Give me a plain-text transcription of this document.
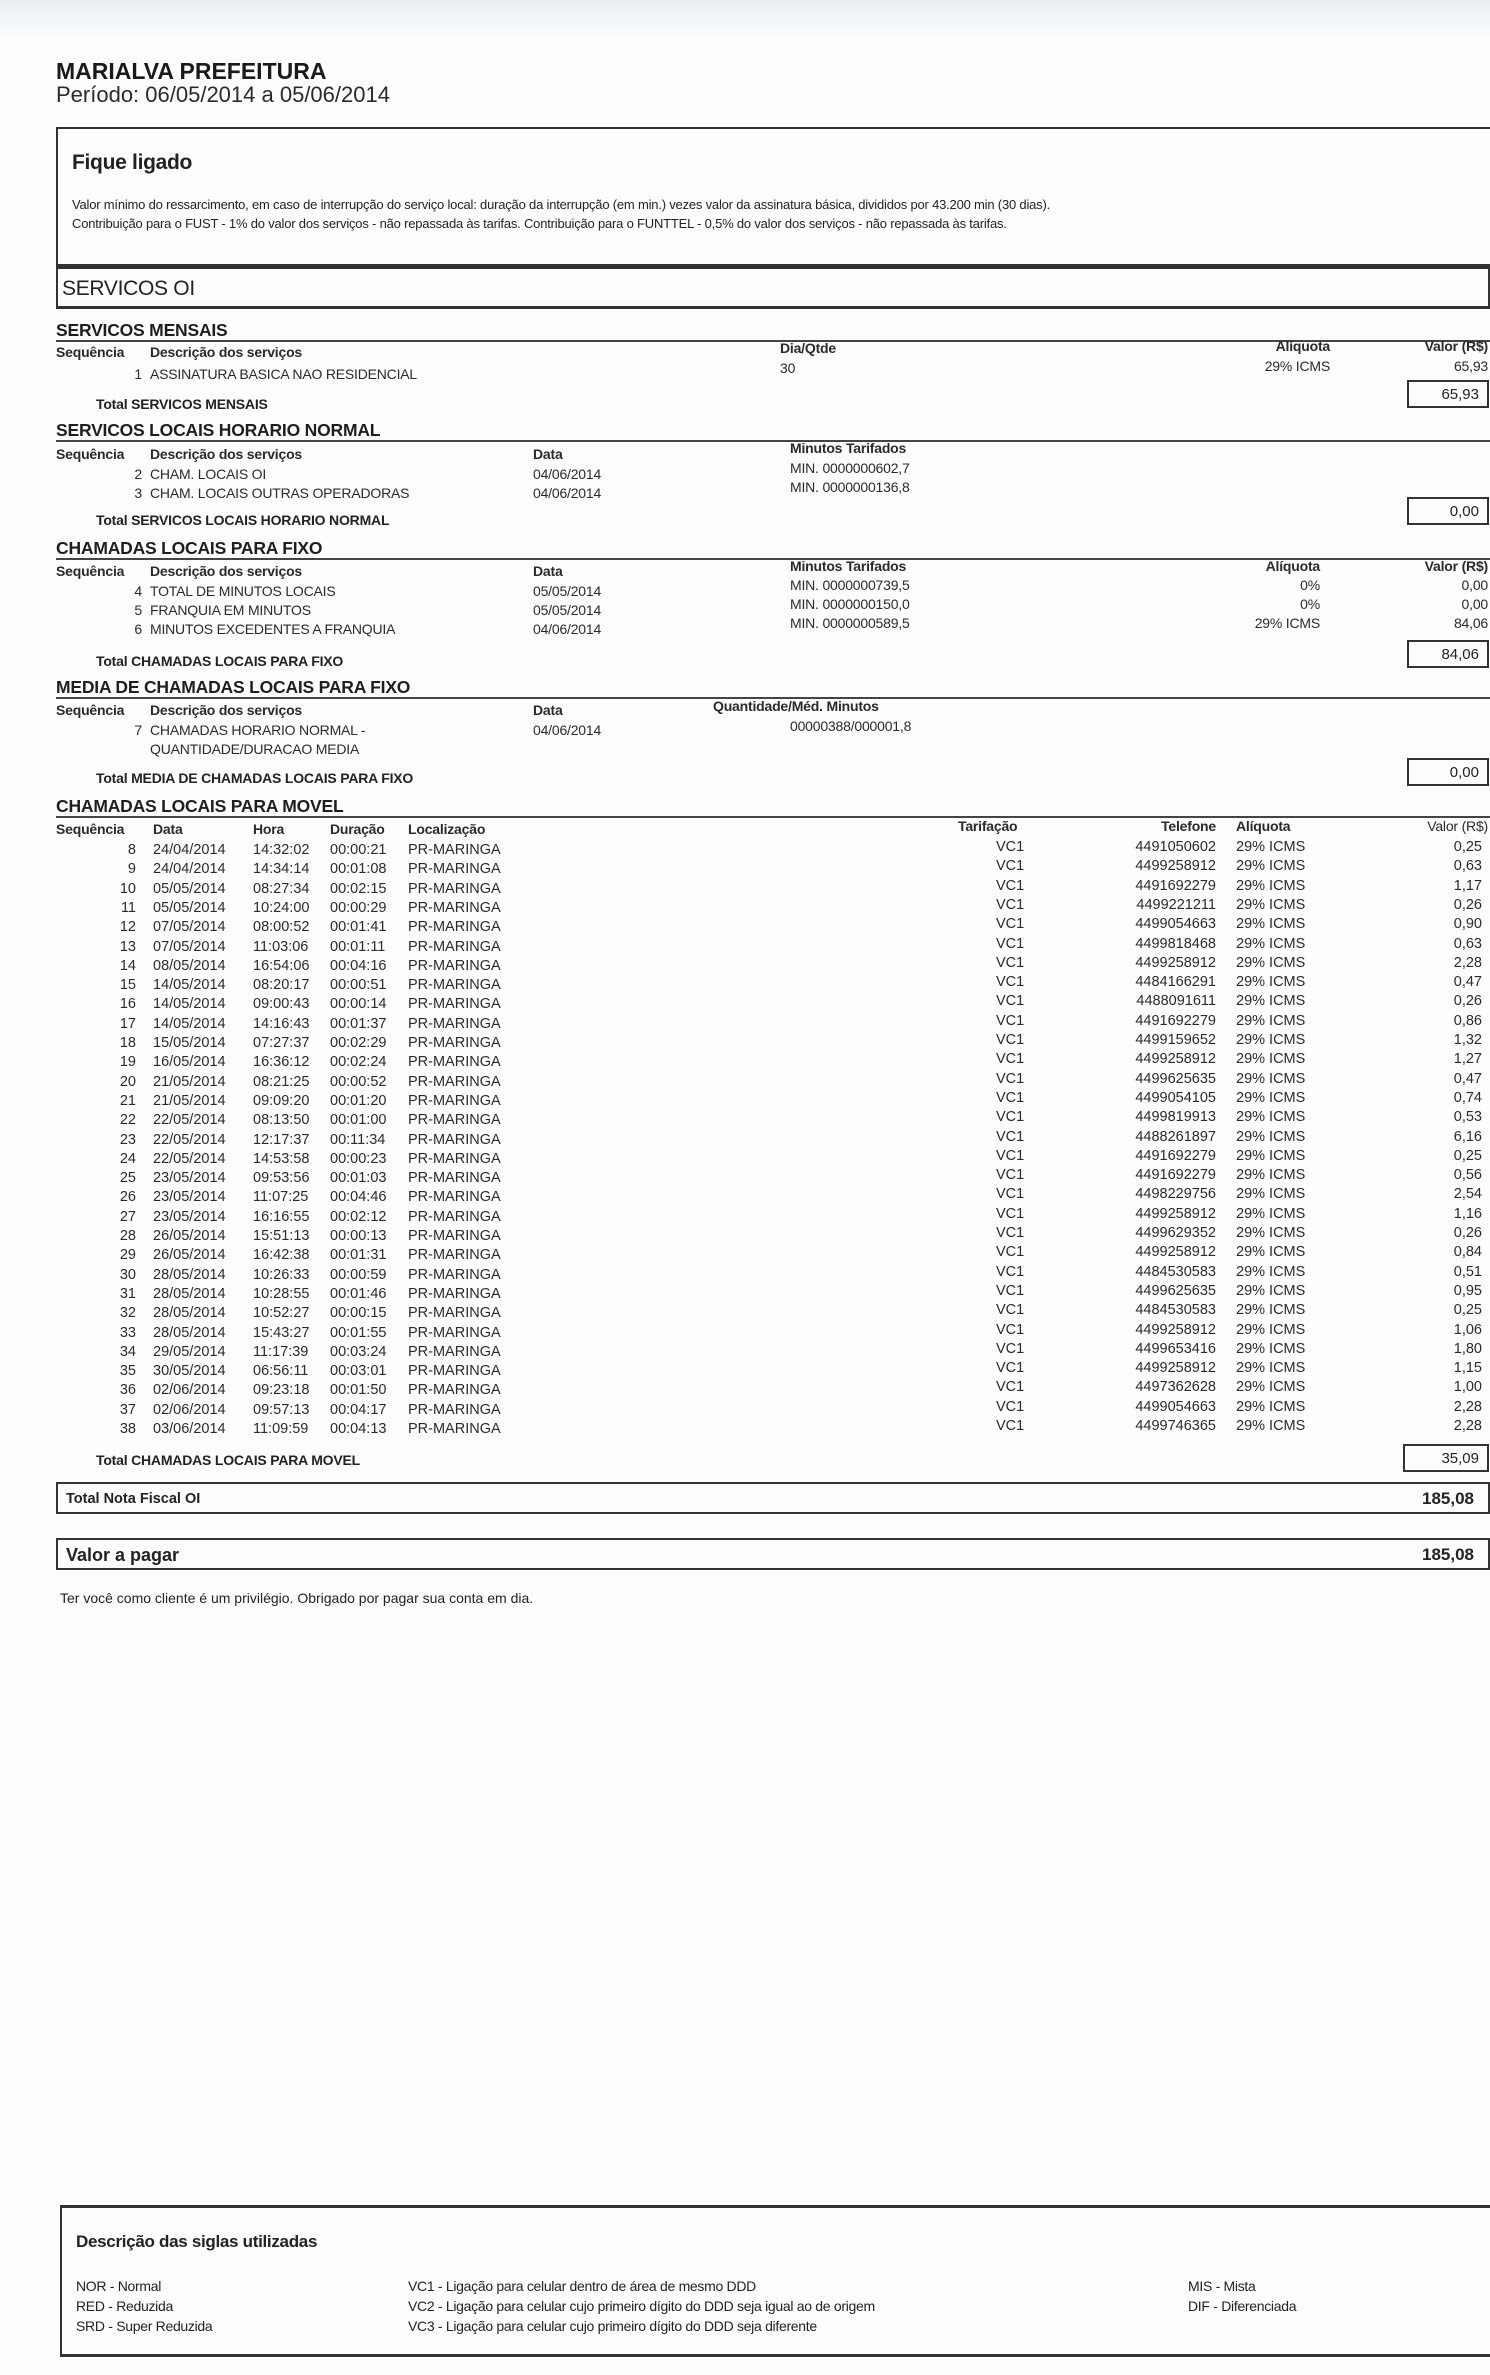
MARIALVA PREFEITURA
Período: 06/05/2014 a 05/06/2014
Fique ligado

Valor mínimo do ressarcimento, em caso de interrupção do serviço local: duração da interrupção (em min.) vezes valor da assinatura básica, divididos por 43.200 min (30 dias).

Contribuição para o FUST - 1% do valor dos serviços - não repassada às tarifas. Contribuição para o FUNTTEL - 0,5% do valor dos serviços - não repassada às tarifas.

SERVICOS OI
SERVICOS MENSAIS
Sequência Descrição dos serviços	Dia/Qtde	Alíquota	Valor (R$)
1 ASSINATURA BASICA NAO RESIDENCIAL	30	29% ICMS	65,93
Total SERVICOS MENSAIS
65,93
SERVICOS LOCAIS HORARIO NORMAL
Sequência Descrição dos serviços	Data	Minutos Tarifados
2 CHAM. LOCAIS OI	04/06/2014	MIN. 0000000602,7
3 CHAM. LOCAIS OUTRAS OPERADORAS	04/06/2014	MIN. 0000000136,8
Total SERVICOS LOCAIS HORARIO NORMAL	0,00
CHAMADAS LOCAIS PARA FIXO
Sequência Descrição dos serviços	Data	Minutos Tarifados	Alíquota	Valor (R$)
4 TOTAL DE MINUTOS LOCAIS	05/05/2014	MIN. 0000000739,5	0%	0,00
5 FRANQUIA EM MINUTOS	05/05/2014	MIN. 0000000150,0	0%	0,00
6 MINUTOS EXCEDENTES A FRANQUIA	04/06/2014	MIN. 0000000589,5	29% ICMS	84,06
Total CHAMADAS LOCAIS PARA FIXO	84,06
MEDIA DE CHAMADAS LOCAIS PARA FIXO
Sequência Descrição dos serviços	Data	Quantidade/Méd. Minutos
7 CHAMADAS HORARIO NORMAL -
QUANTIDADE/DURACAO MEDIA
04/06/2014	00000388/000001,8
Total MEDIA DE CHAMADAS LOCAIS PARA FIXO	0,00
CHAMADAS LOCAIS PARA MOVEL
Sequência Data	Hora	Duração Localização	Tarifação	Telefone Alíquota	Valor (R$)
8 24/04/2014 14:32:02 00:00:21 PR-MARINGA	VC1	4491050602 29% ICMS	0,25
9 24/04/2014 14:34:14 00:01:08 PR-MARINGA	VC1	4499258912 29% ICMS	0,63
10 05/05/2014 08:27:34 00:02:15 PR-MARINGA	VC1	4491692279 29% ICMS	1,17
11 05/05/2014 10:24:00 00:00:29 PR-MARINGA	VC1	4499221211 29% ICMS	0,26
12 07/05/2014 08:00:52 00:01:41 PR-MARINGA	VC1	4499054663 29% ICMS	0,90
13 07/05/2014 11:03:06 00:01:11 PR-MARINGA	VC1	4499818468 29% ICMS	0,63
14 08/05/2014 16:54:06 00:04:16 PR-MARINGA	VC1	4499258912 29% ICMS	2,28
15 14/05/2014 08:20:17 00:00:51 PR-MARINGA	VC1	4484166291 29% ICMS	0,47
16 14/05/2014 09:00:43 00:00:14 PR-MARINGA	VC1	4488091611 29% ICMS	0,26
17 14/05/2014 14:16:43 00:01:37 PR-MARINGA	VC1	4491692279 29% ICMS	0,86
18 15/05/2014 07:27:37 00:02:29 PR-MARINGA	VC1	4499159652 29% ICMS	1,32
19 16/05/2014 16:36:12 00:02:24 PR-MARINGA	VC1	4499258912 29% ICMS	1,27
20 21/05/2014 08:21:25 00:00:52 PR-MARINGA	VC1	4499625635 29% ICMS	0,47
21 21/05/2014 09:09:20 00:01:20 PR-MARINGA	VC1	4499054105 29% ICMS	0,74
22 22/05/2014 08:13:50 00:01:00 PR-MARINGA	VC1	4499819913 29% ICMS	0,53
23 22/05/2014 12:17:37 00:11:34 PR-MARINGA	VC1	4488261897 29% ICMS	6,16
24 22/05/2014 14:53:58 00:00:23 PR-MARINGA	VC1	4491692279 29% ICMS	0,25
25 23/05/2014 09:53:56 00:01:03 PR-MARINGA	VC1	4491692279 29% ICMS	0,56
26 23/05/2014 11:07:25 00:04:46 PR-MARINGA	VC1	4498229756 29% ICMS	2,54
27 23/05/2014 16:16:55 00:02:12 PR-MARINGA	VC1	4499258912 29% ICMS	1,16
28 26/05/2014 15:51:13 00:00:13 PR-MARINGA	VC1	4499629352 29% ICMS	0,26
29 26/05/2014 16:42:38 00:01:31 PR-MARINGA	VC1	4499258912 29% ICMS	0,84
30 28/05/2014 10:26:33 00:00:59 PR-MARINGA	VC1	4484530583 29% ICMS	0,51
31 28/05/2014 10:28:55 00:01:46 PR-MARINGA	VC1	4499625635 29% ICMS	0,95
32 28/05/2014 10:52:27 00:00:15 PR-MARINGA	VC1	4484530583 29% ICMS	0,25
33 28/05/2014 15:43:27 00:01:55 PR-MARINGA	VC1	4499258912 29% ICMS	1,06
34 29/05/2014 11:17:39 00:03:24 PR-MARINGA	VC1	4499653416 29% ICMS	1,80
35 30/05/2014 06:56:11 00:03:01 PR-MARINGA	VC1	4499258912 29% ICMS	1,15
36 02/06/2014 09:23:18 00:01:50 PR-MARINGA	VC1	4497362628 29% ICMS	1,00
37 02/06/2014 09:57:13 00:04:17 PR-MARINGA	VC1	4499054663 29% ICMS	2,28
38 03/06/2014 11:09:59 00:04:13 PR-MARINGA	VC1	4499746365 29% ICMS	2,28
Total CHAMADAS LOCAIS PARA MOVEL	35,09
Total Nota Fiscal OI	185,08
Valor a pagar	185,08
Ter você como cliente é um privilégio. Obrigado por pagar sua conta em dia.
Descrição das siglas utilizadas
NOR - Normal
RED - Reduzida
SRD - Super Reduzida
VC1 - Ligação para celular dentro de área de mesmo DDD
VC2 - Ligação para celular cujo primeiro dígito do DDD seja igual ao de origem
VC3 - Ligação para celular cujo primeiro dígito do DDD seja diferente
MIS - Mista
DIF - Diferenciada
